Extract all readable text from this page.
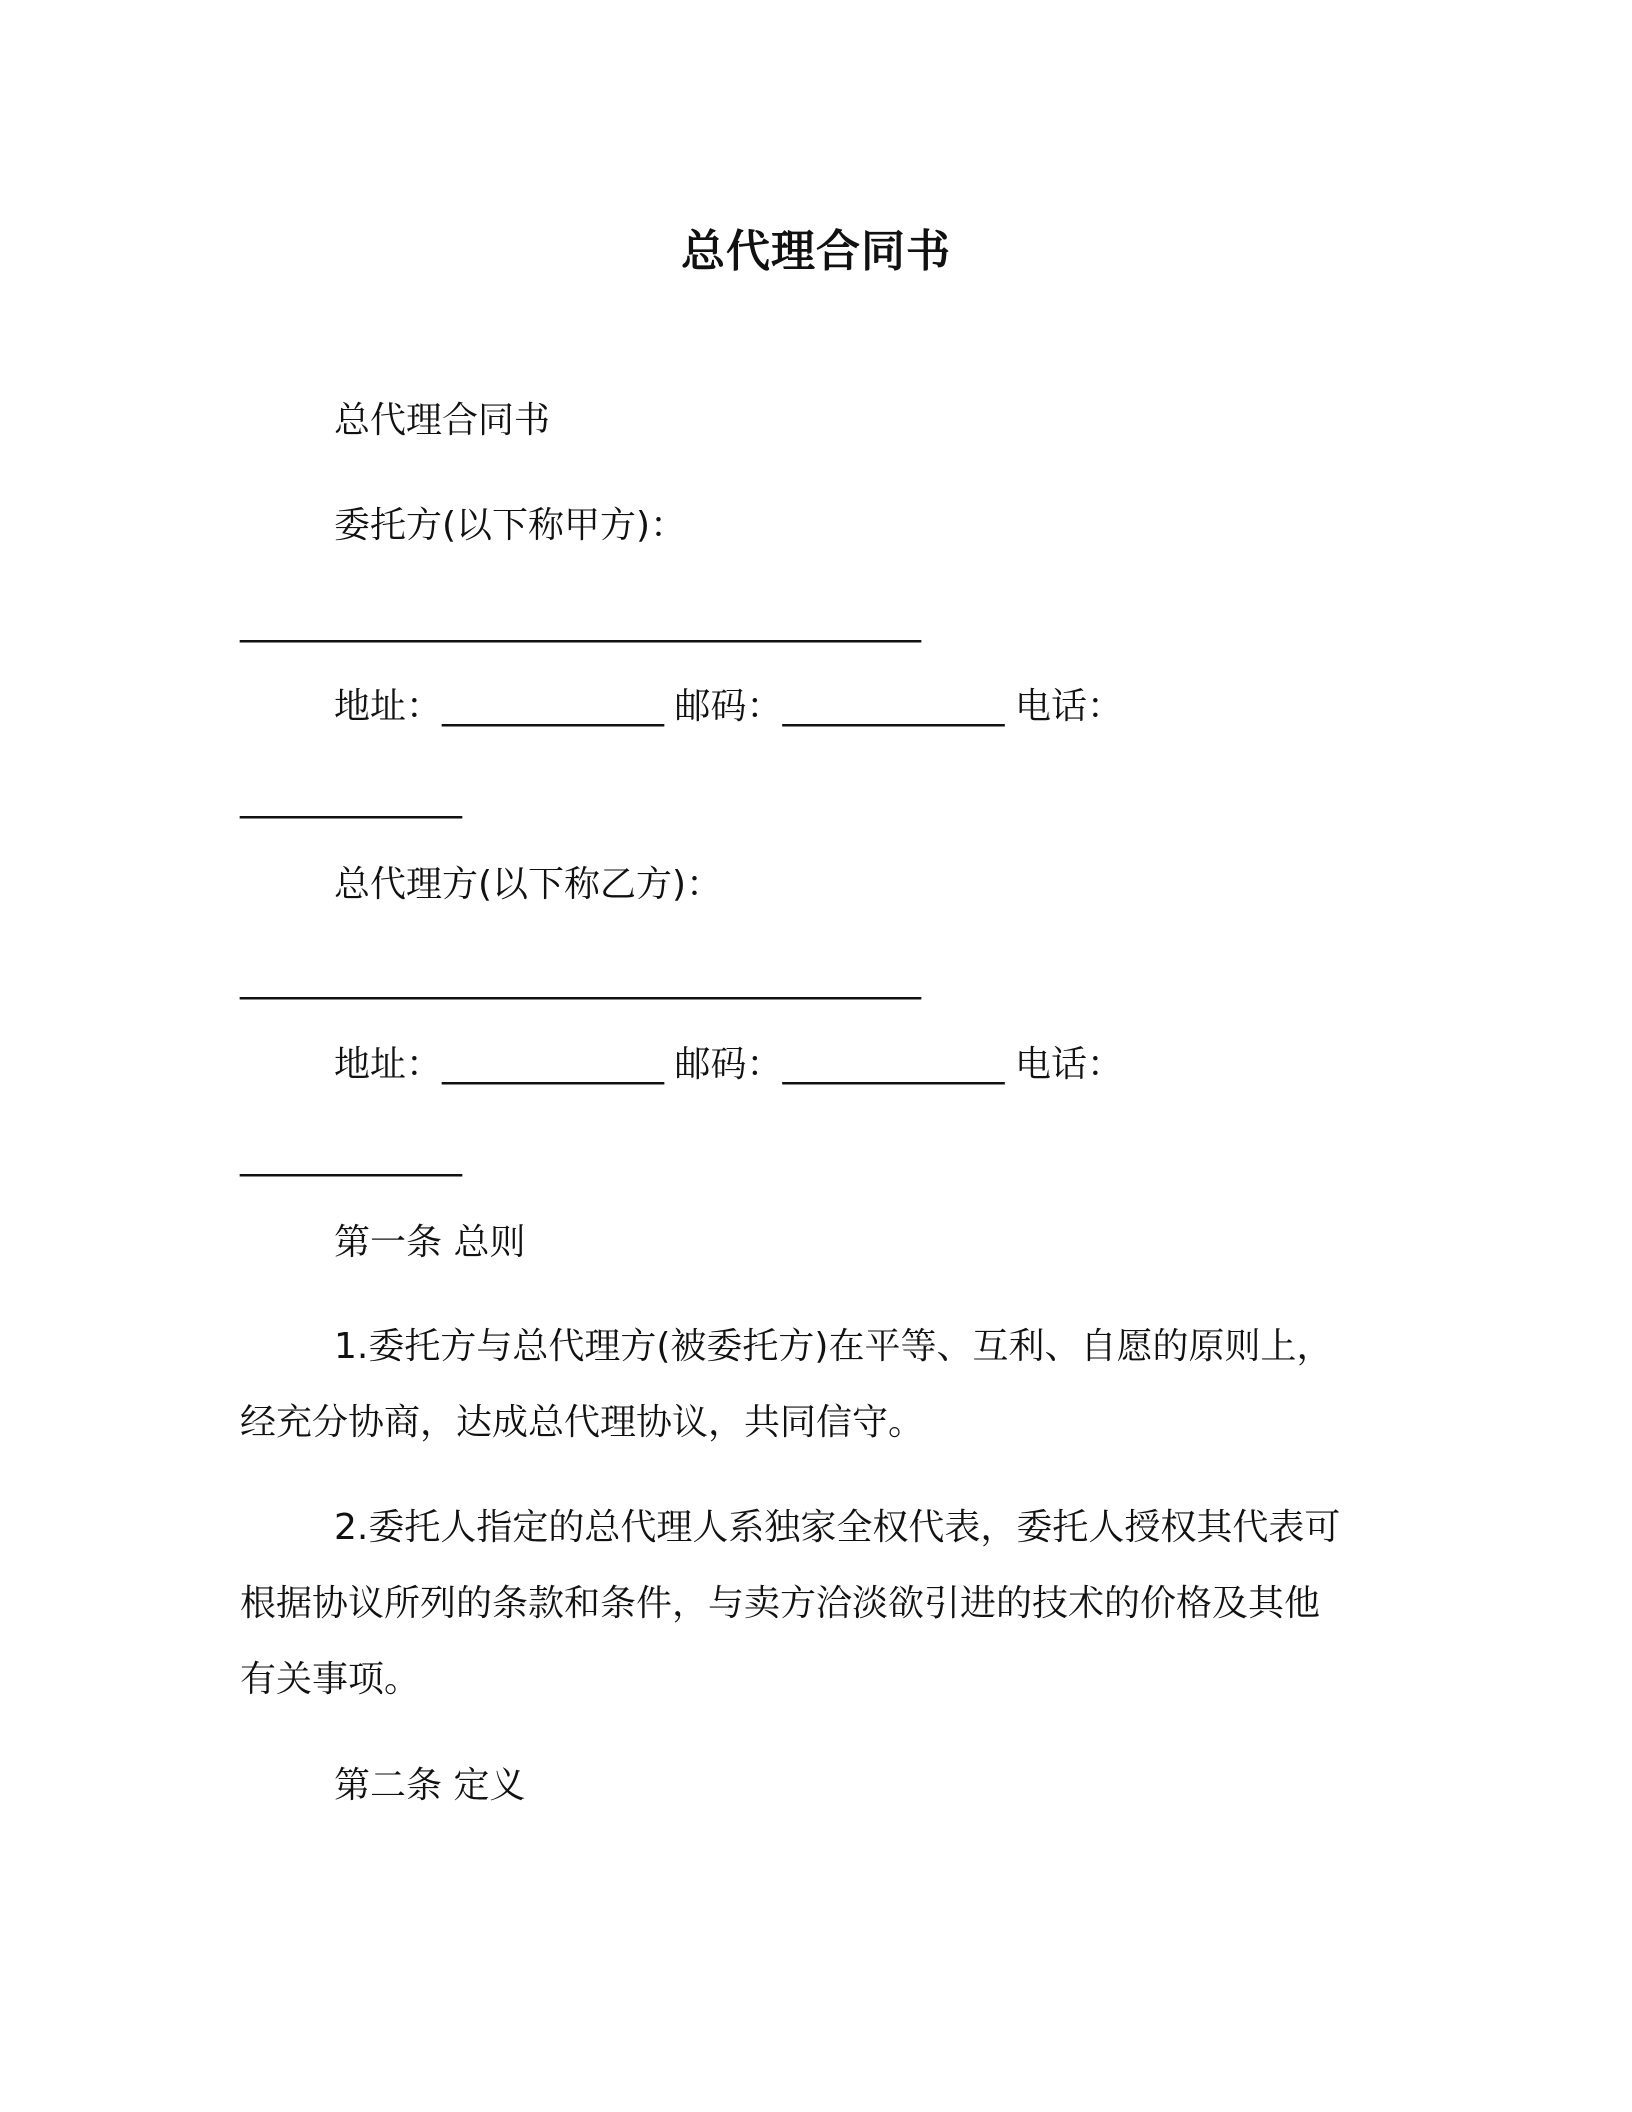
总代理合同书
总代理合同书
委托方(以下称甲方)：
________________________________________
地址：_____________ 邮码：_____________ 电话：
_____________
总代理方(以下称乙方)：
________________________________________
地址：_____________ 邮码：_____________ 电话：
_____________
第一条 总则
1.委托方与总代理方(被委托方)在平等、互利、自愿的原则上，
经充分协商，达成总代理协议，共同信守。
2.委托人指定的总代理人系独家全权代表，委托人授权其代表可
根据协议所列的条款和条件，与卖方洽淡欲引进的技术的价格及其他
有关事项。
第二条 定义
